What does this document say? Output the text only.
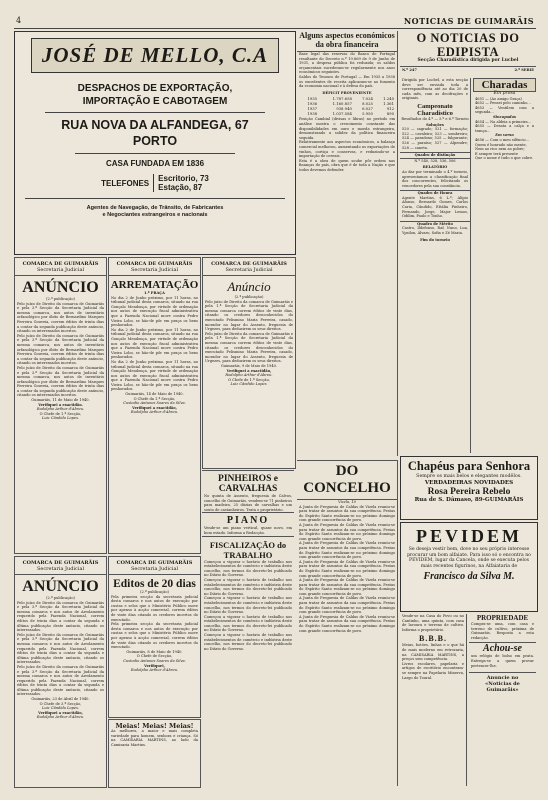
4	NOTICIAS DE GUIMARÃIS
JOSÉ DE MELLO, C.A
DESPACHOS DE EXPORTAÇÃO,
IMPORTAÇÃO E CABOTAGEM
RUA NOVA DA ALFANDEGA, 67
PORTO
CASA FUNDADA EM 1836
TELEFONES Escritorio, 73
Estação, 87
Agentes de Navegação, de Trânsito, de Fabricantes
e Negociantes estrangeiros e nacionais
COMARCA DE GUIMARÃIS
Secretaria Judicial
ANÚNCIO
(2.ª publicação)

Pelo juízo de Direito da comarca de Guimarãis e pela 3.ª Secção da Secretaria Judicial da mesma comarca, nos autos de inventário orfanológico por óbito de Bernardino Marques Ferreira Gouveia, correm éditos de trinta dias a contar da segunda publicação deste anúncio, citando os interessados incertos.

Pelo juízo de Direito da comarca de Guimarãis e pela 3.ª Secção da Secretaria Judicial da mesma comarca, nos autos de inventário orfanológico por óbito de Bernardino Marques Ferreira Gouveia, correm éditos de trinta dias a contar da segunda publicação deste anúncio, citando os interessados incertos.

Pelo juízo de Direito da comarca de Guimarãis e pela 3.ª Secção da Secretaria Judicial da mesma comarca, nos autos de inventário orfanológico por óbito de Bernardino Marques Ferreira Gouveia, correm éditos de trinta dias a contar da segunda publicação deste anúncio, citando os interessados incertos.

Guimarãis, 11 de Maio de 1940.
Verifiquei a exactidão.
Rodolpho Arthur d'Abreu.
O Chefe de 1.ª Secção,
Luiz Cândido Lopes.
COMARCA DE GUIMARÃIS
Secretaria Judicial
ARREMATAÇÃO
1.ª PRAÇA

No dia 2 de Junho próximo, por 11 horas, no tribunal judicial desta comarca, situado na rua Gonçalo Mendonça, por virtude de ordenação nos autos de execução fiscal administrativa que a Fazenda Nacional move contra Pedro Vieira Lobo, se hão-de pôr em praça os bens penhorados.

No dia 2 de Junho próximo, por 11 horas, no tribunal judicial desta comarca, situado na rua Gonçalo Mendonça, por virtude de ordenação nos autos de execução fiscal administrativa que a Fazenda Nacional move contra Pedro Vieira Lobo, se hão-de pôr em praça os bens penhorados.

No dia 2 de Junho próximo, por 11 horas, no tribunal judicial desta comarca, situado na rua Gonçalo Mendonça, por virtude de ordenação nos autos de execução fiscal administrativa que a Fazenda Nacional move contra Pedro Vieira Lobo, se hão-de pôr em praça os bens penhorados.

Guimarãis, 14 de Maio de 1940.
O Chefe da 1.ª Secção,
Custodio Antunes Soares da Silva.
Verifiquei a exactidão,
Rodolpho Arthur d'Abreu.
COMARCA DE GUIMARÃIS
Secretaria Judicial
Anúncio
(2.ª publicação)

Pelo juízo de Direito da comarca de Guimarãis e pela 1.ª Secção de Secretaria Judicial da mesma comarca correm éditos de vinte dias, citando os credores desconhecidos do executado Felismino Maria Ferreira, casado, morador no lugar do Assento, freguesia de Urgezes, para deduzirem os seus direitos.

Pelo juízo de Direito da comarca de Guimarãis e pela 1.ª Secção de Secretaria Judicial da mesma comarca correm éditos de vinte dias, citando os credores desconhecidos do executado Felismino Maria Ferreira, casado, morador no lugar do Assento, freguesia de Urgezes, para deduzirem os seus direitos.

Guimarãis, 9 de Maio de 1940.
Verifiquei a exactidão,
Rodolpho Arthur d'Abreu.
O Chefe de 1.ª Secção,
Luiz Cândido Lopes.
COMARCA DE GUIMARÃIS
Secretaria Judicial
ANÚNCIO
(2.ª publicação)

Pelo juízo de Direito da comarca de Guimarãis e pela 3.ª Secção da Secretaria Judicial da mesma comarca e nos autos de Arrolamento requerido pela Fazenda Nacional, correm éditos de trinta dias a contar da segunda e última publicação deste anúncio, citando os interessados.

Pelo juízo de Direito da comarca de Guimarãis e pela 3.ª Secção da Secretaria Judicial da mesma comarca e nos autos de Arrolamento requerido pela Fazenda Nacional, correm éditos de trinta dias a contar da segunda e última publicação deste anúncio, citando os interessados.

Pelo juízo de Direito da comarca de Guimarãis e pela 3.ª Secção da Secretaria Judicial da mesma comarca e nos autos de Arrolamento requerido pela Fazenda Nacional, correm éditos de trinta dias a contar da segunda e última publicação deste anúncio, citando os interessados.

Guimarãis, 23 de Abril de 1940.
O Chefe de 3.ª Secção,
Luiz Cândido Lopes.
Verifiquei a exactidão,
Rodolpho Arthur d'Abreu.
COMARCA DE GUIMARÃIS
Secretaria Judicial
Editos de 20 dias
(2.ª publicação)

Pela primeira secção da secretaria judicial desta comarca e nos autos de execução por custas e selos que o Ministério Público move por apenso à acção comercial, correm éditos de vinte dias citando os credores incertos do executado.

Pela primeira secção da secretaria judicial desta comarca e nos autos de execução por custas e selos que o Ministério Público move por apenso à acção comercial, correm éditos de vinte dias citando os credores incertos do executado.

Guimarãis, 8 de Maio de 1940.
O Chefe de Secção,
Custodio Antunes Soares da Silva.
Verifiquei,
Rodolpho Arthur d'Abreu.
Meias! Meias! Meias!

As melhores, a maior e mais completa variedade para homem, senhora e criança. Só na CAMISARIA MARTINS, ao lado da Camisaria Martins.

PINHEIROS e CARVALHAS

No quinta de Assento, freguesia de Calvos, concelho de Guimarãis, vendem-se 71 pinheiros para madeira, 25 dúzias de carvalhas e um souto de castanheiros. Trata o proprietário.

PIANO

Vende-se um piano vertical, quase novo, em bom estado. Informa a Redacção.

FISCALIZAÇÃO do TRABALHO

Começou a vigorar o horário de trabalho nos estabelecimentos de comércio e indústria deste concelho, nos termos do decreto-lei publicado no Diário do Governo.

Começou a vigorar o horário de trabalho nos estabelecimentos de comércio e indústria deste concelho, nos termos do decreto-lei publicado no Diário do Governo.

Começou a vigorar o horário de trabalho nos estabelecimentos de comércio e indústria deste concelho, nos termos do decreto-lei publicado no Diário do Governo.

Começou a vigorar o horário de trabalho nos estabelecimentos de comércio e indústria deste concelho, nos termos do decreto-lei publicado no Diário do Governo.

Começou a vigorar o horário de trabalho nos estabelecimentos de comércio e indústria deste concelho, nos termos do decreto-lei publicado no Diário do Governo.

Alguns aspectos económicos da obra financeira

Base legal das reservas do Banco de Portugal resultante do Decreto n.º 19.869 de 9 de Junho de 1931, a despesa pública foi reduzida; os saldos orçamentais sucederam-se regularmente nos anos económicos seguintes.

Saldos do Tesouro de Portugal — Em 1935 a 1938 os excedentes de receita aplicaram-se ao fomento da economia nacional e à defesa do país.

DÉFICIT PROVENIENTE
1935	1.787.658	7.024	1.240
1936	1.160.857	8.025	1.361
1937	938.940	6.027	912
1938	1.037.584	5.950	890

Posição Cambial (divisas e libras) no período em análise mostra o crescimento constante das disponibilidades em ouro e moeda estrangeira, demonstrando a solidez da política financeira seguida.

Relativamente aos aspectos económicos, a balança comercial melhorou, aumentando as exportações de vinhos, cortiça e conservas, e reduzindo-se a importação de cereais.

Esta é a obra de quem soube pôr ordem nas finanças do país, obra que é de toda a Nação e que todos devemos defender.

DO CONCELHO
Vizela, 10

A Junta de Freguesia de Caldas de Vizela reuniu-se para tratar de assuntos da sua competência. Festas do Espírito Santo realizam-se no próximo domingo com grande concorrência de povo.

A Junta de Freguesia de Caldas de Vizela reuniu-se para tratar de assuntos da sua competência. Festas do Espírito Santo realizam-se no próximo domingo com grande concorrência de povo.

A Junta de Freguesia de Caldas de Vizela reuniu-se para tratar de assuntos da sua competência. Festas do Espírito Santo realizam-se no próximo domingo com grande concorrência de povo.

A Junta de Freguesia de Caldas de Vizela reuniu-se para tratar de assuntos da sua competência. Festas do Espírito Santo realizam-se no próximo domingo com grande concorrência de povo.

A Junta de Freguesia de Caldas de Vizela reuniu-se para tratar de assuntos da sua competência. Festas do Espírito Santo realizam-se no próximo domingo com grande concorrência de povo.

A Junta de Freguesia de Caldas de Vizela reuniu-se para tratar de assuntos da sua competência. Festas do Espírito Santo realizam-se no próximo domingo com grande concorrência de povo.

A Junta de Freguesia de Caldas de Vizela reuniu-se para tratar de assuntos da sua competência. Festas do Espírito Santo realizam-se no próximo domingo com grande concorrência de povo.

O NOTICIAS DO EDIPISTA
Secção Charadística dirigida por Lucbel
N.º 247	2.ª SERIE

Dirigida por Lucbel, a esta secção deve ser enviada toda a correspondência até ao dia 20 de cada mês, com as decifrações e originais.

Campeonato Charadístico
Resultados do 4.º — 5.º e 6.º Torneio
Soluções

520 — sagrado; 521 — formação; 522 — cavaleiro; 523 — sombreiro; 524 — paradoxo; 525 — fulgurante; 526 — paraíso; 527 — Alpendre; 528 — caneta.

Quadro de distinção
N.º 540, 528, 536, 506
RELATÓRIO

Ao dar por terminado o 4.º torneio, apresentamos a classificação final dos concorrentes, felicitando os vencedores pela sua constância.

Quadro de Honra

Agente Martins, 6 L.º; Alípio Afonso, Bernardo Gomes, Carlos Caria, Cândido, Ettália Pinheiro, Fernando, Jorge, Major Lemos, Odilim, Paulo e Tonho.

Quadro de Mérito

Castro, Ildefonso, Raf, Nuno, Lua, Ypsilon, Álvaro, Sofia e Zé Maria.

Fim do torneio
Charadas
Em prosa

4651 — (Ao amigo Graça)

4652 — Pensei pelo caminho...

4653 — Ventilem com a segunda...

Sincopadas

4654 — Na aldeia a primeira...

4655 — Desata a calça e a trança...

Em verso

4656 — Com o meu silêncio...

Quem é honrado não mente,
Nem ao rico nem ao pobre;
E sempre terá presente
Que o nome é tudo o que cobre.

Chapéus para Senhora
Sempre os mais belos e elegantes modêlos.
VERDADEIRAS NOVIDADES
Rosa Pereira Rebelo
Rua de S. Dâmaso, 89-GUIMARÃIS
PEVIDEM

Se deseja vestir bem, dove no seu próprio interesse procurar um bom alfaiate. Para isso só o encontra no PEVIDEM, lugar da Cancela, onde se executa pelos mais recentes figurinos, na Alfaiataria de

Francisco da Silva M.

Vende-se na Casa do Povo ou no Cantinho, uma quinta, com casa de lavoura e terreno de cultivo. Informa o proprietário.

B.B.B.

Meias, botões, linhas e o que há de mais moderno em retrozaria, na CAMISARIA MARTINS, a preços sem competência.

Livros escolares, papelaria e artigos de escritório encontram-se sempre na Papelaria Minerva, Largo do Toural.

PROPRIEDADE

Compra-se uma, com casa e terreno de cultivo, próxima de Guimarãis. Resposta a esta redacção.

Achou-se

um relógio de bolso em prata. Entrega-se a quem provar pertencer-lhe.

Anuncie no
«Noticias de Guimarãis»
